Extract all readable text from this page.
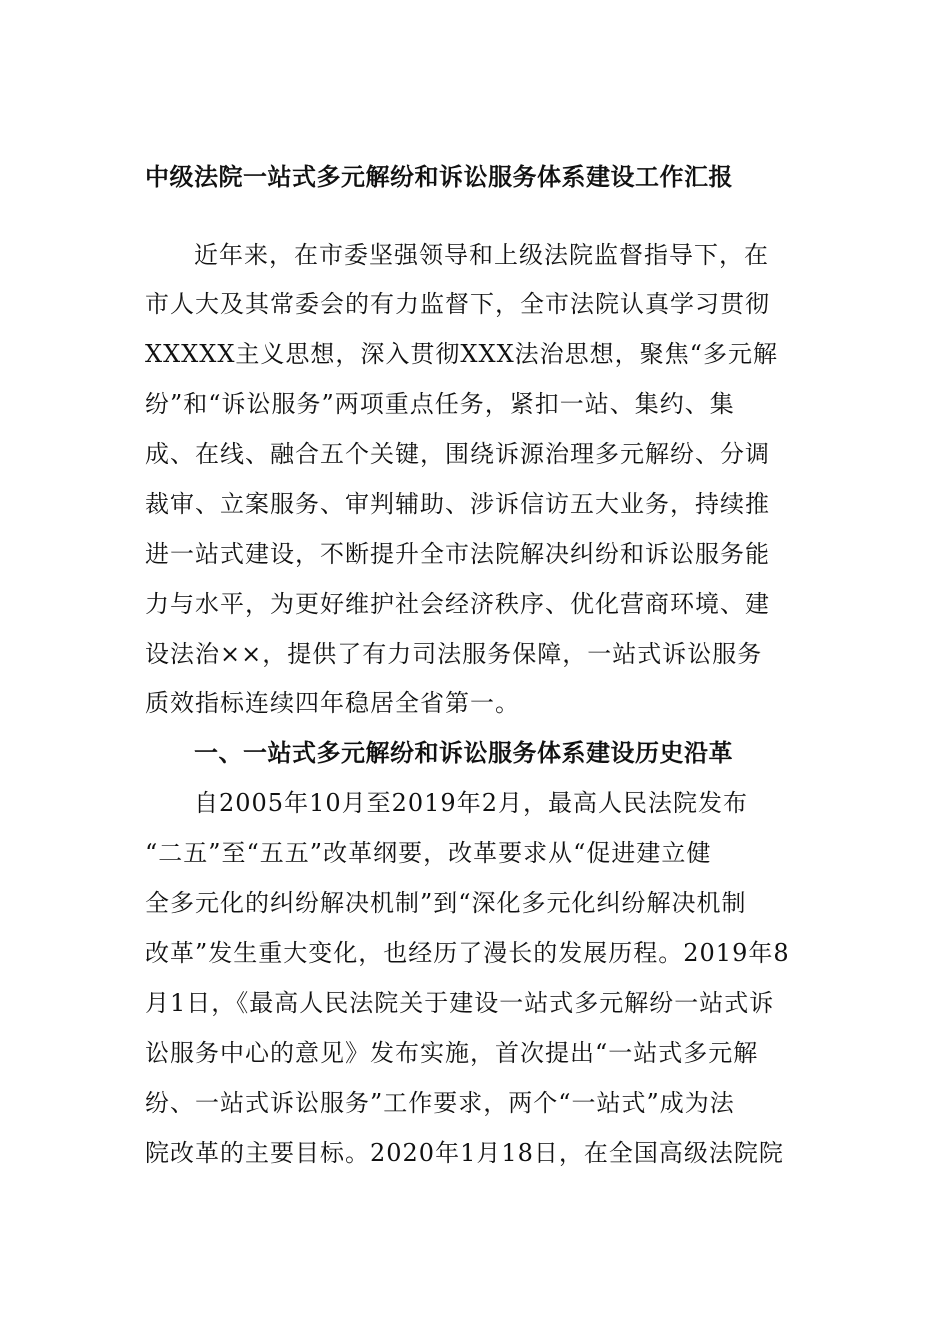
中级法院一站式多元解纷和诉讼服务体系建设工作汇报
近年来，在市委坚强领导和上级法院监督指导下，在
市人大及其常委会的有力监督下，全市法院认真学习贯彻
XXXXX主义思想，深入贯彻XXX法治思想，聚焦“多元解
纷”和“诉讼服务”两项重点任务，紧扣一站、集约、集
成、在线、融合五个关键，围绕诉源治理多元解纷、分调
裁审、立案服务、审判辅助、涉诉信访五大业务，持续推
进一站式建设，不断提升全市法院解决纠纷和诉讼服务能
力与水平，为更好维护社会经济秩序、优化营商环境、建
设法治××，提供了有力司法服务保障，一站式诉讼服务
质效指标连续四年稳居全省第一。
一、一站式多元解纷和诉讼服务体系建设历史沿革
自2005年10月至2019年2月，最高人民法院发布
“二五”至“五五”改革纲要，改革要求从“促进建立健
全多元化的纠纷解决机制”到“深化多元化纠纷解决机制
改革”发生重大变化，也经历了漫长的发展历程。2019年8
月1日，《最高人民法院关于建设一站式多元解纷一站式诉
讼服务中心的意见》发布实施，首次提出“一站式多元解
纷、一站式诉讼服务”工作要求，两个“一站式”成为法
院改革的主要目标。2020年1月18日，在全国高级法院院
